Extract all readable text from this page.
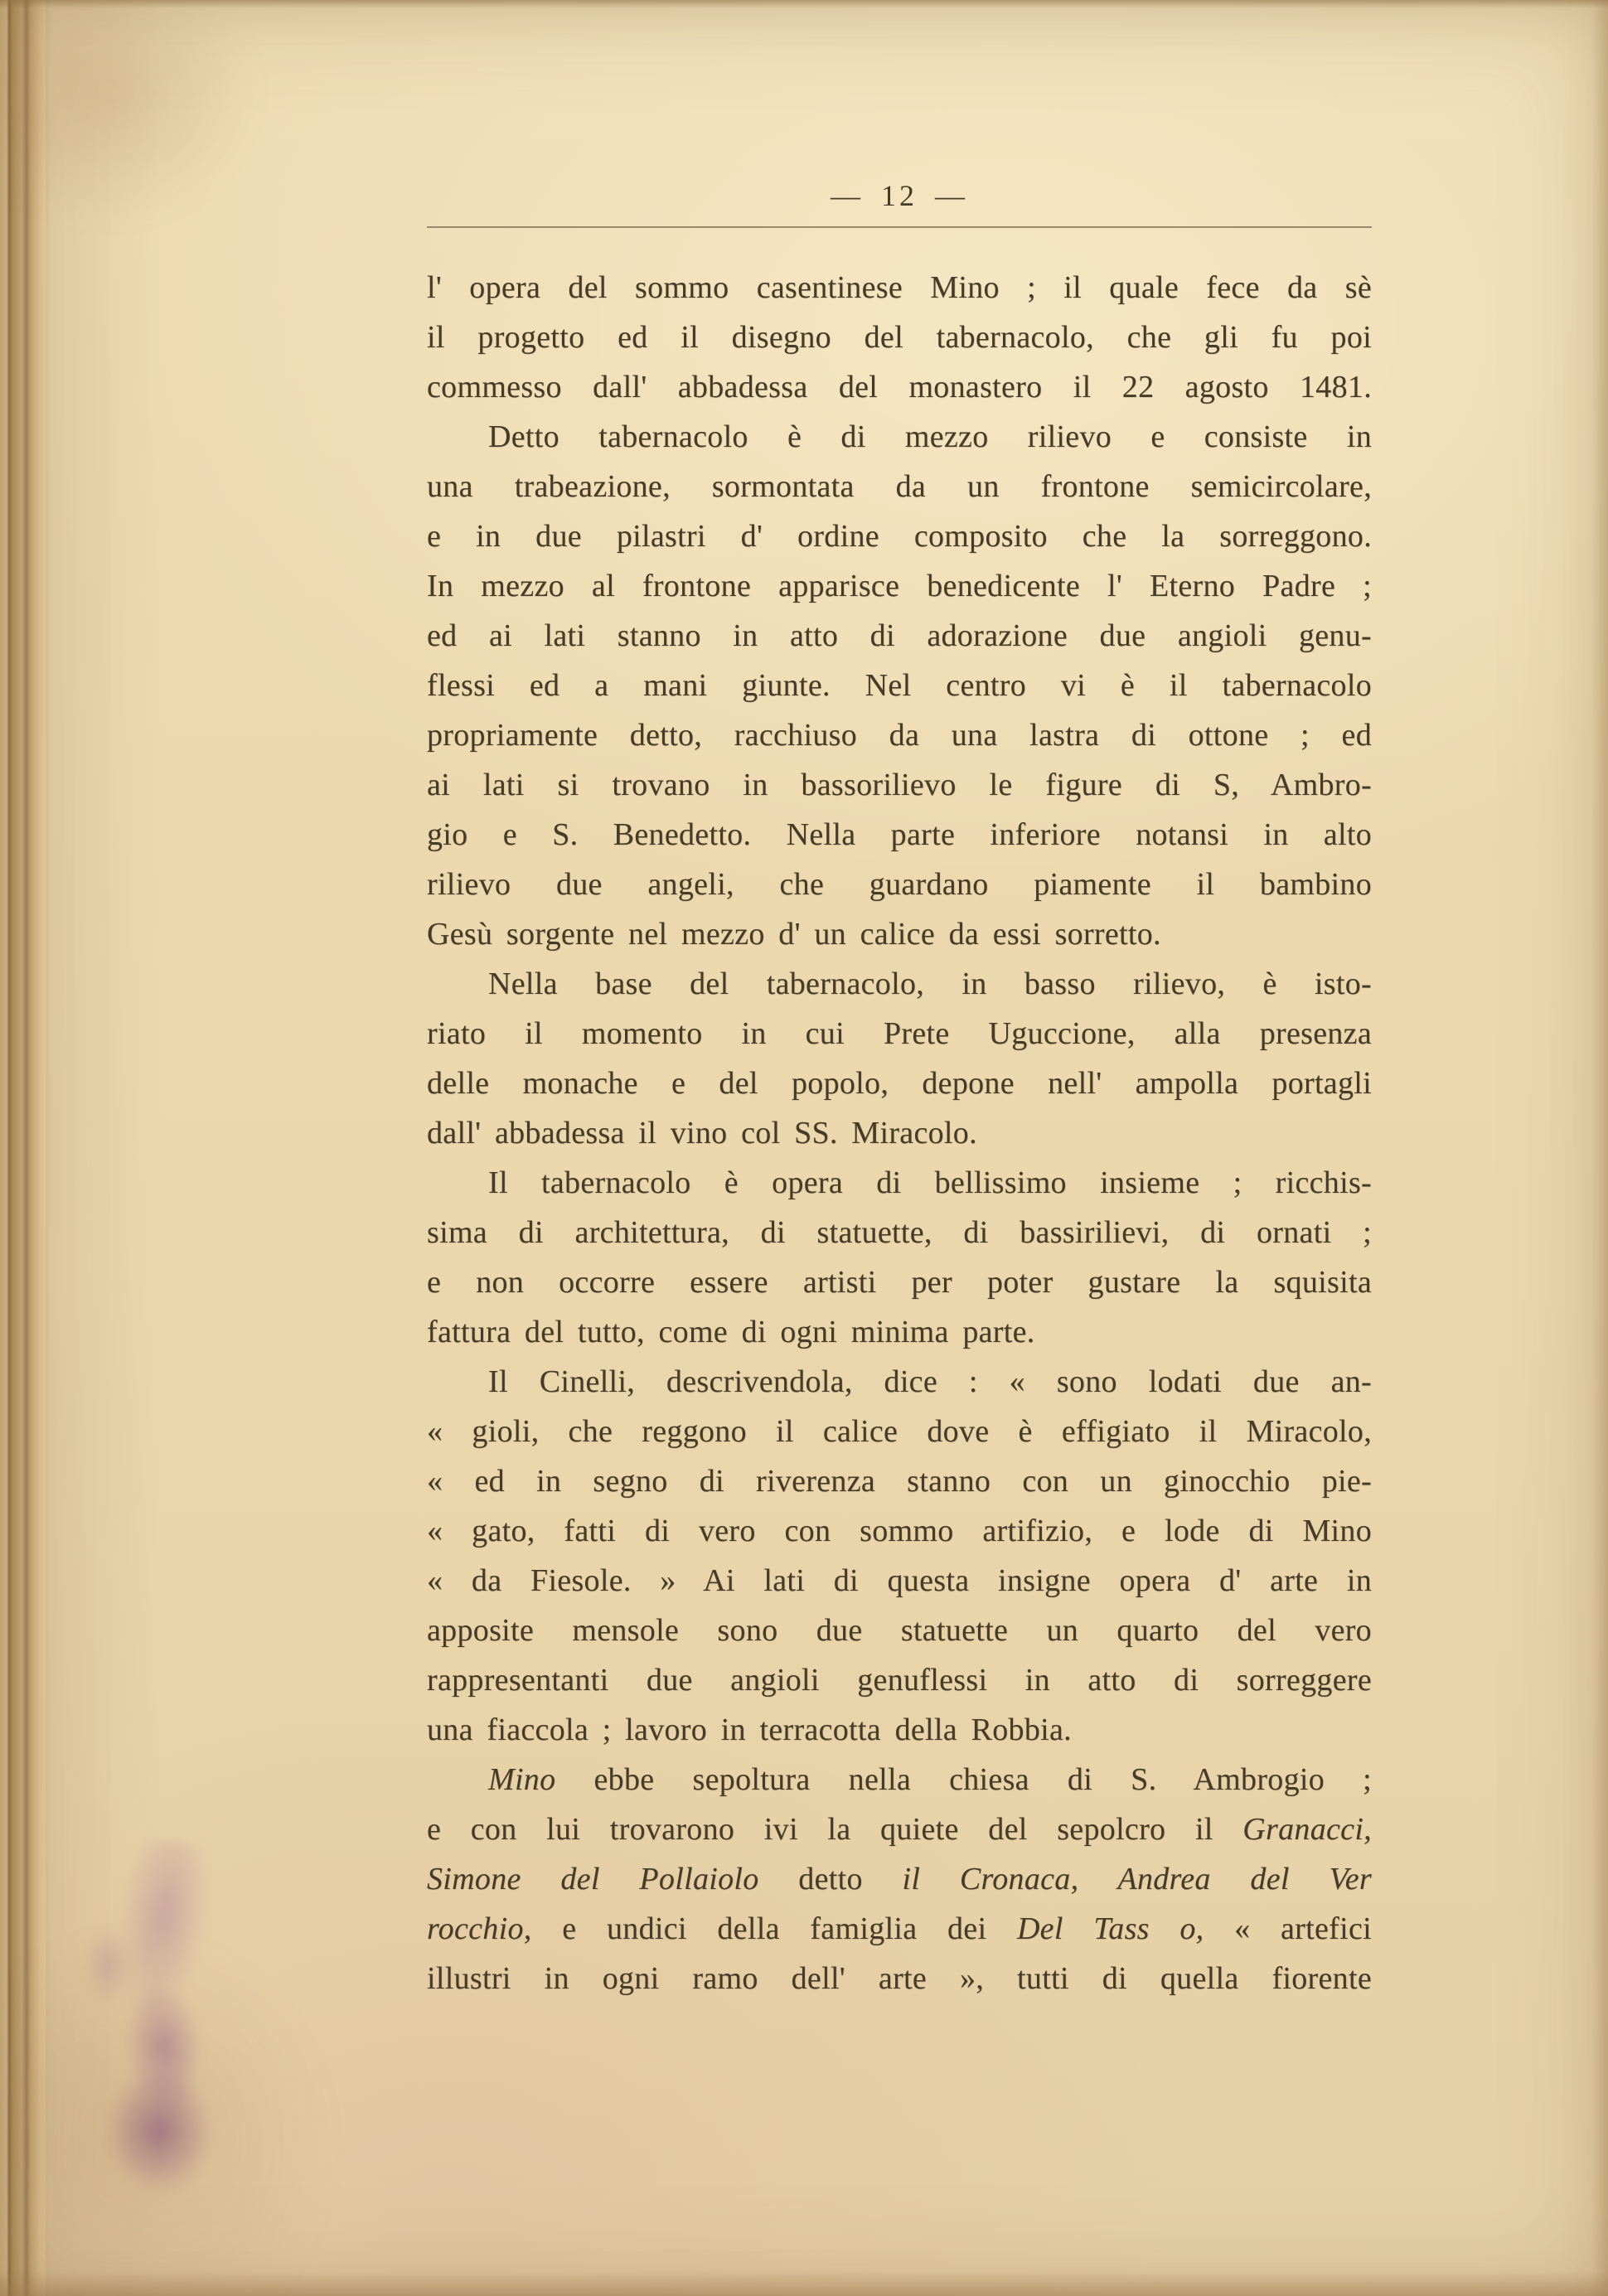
— 12 —
l' opera del sommo casentinese Mino ; il quale fece da sè
il progetto ed il disegno del tabernacolo, che gli fu poi
commesso dall' abbadessa del monastero il 22 agosto 1481.
Detto tabernacolo è di mezzo rilievo e consiste in
una trabeazione, sormontata da un frontone semicircolare,
e in due pilastri d' ordine composito che la sorreggono.
In mezzo al frontone apparisce benedicente l' Eterno Padre ;
ed ai lati stanno in atto di adorazione due angioli genu-
flessi ed a mani giunte. Nel centro vi è il tabernacolo
propriamente detto, racchiuso da una lastra di ottone ; ed
ai lati si trovano in bassorilievo le figure di S, Ambro-
gio e S. Benedetto. Nella parte inferiore notansi in alto
rilievo due angeli, che guardano piamente il bambino
Gesù sorgente nel mezzo d' un calice da essi sorretto.
Nella base del tabernacolo, in basso rilievo, è isto-
riato il momento in cui Prete Uguccione, alla presenza
delle monache e del popolo, depone nell' ampolla portagli
dall' abbadessa il vino col SS. Miracolo.
Il tabernacolo è opera di bellissimo insieme ; ricchis-
sima di architettura, di statuette, di bassirilievi, di ornati ;
e non occorre essere artisti per poter gustare la squisita
fattura del tutto, come di ogni minima parte.
Il Cinelli, descrivendola, dice : « sono lodati due an-
« gioli, che reggono il calice dove è effigiato il Miracolo,
« ed in segno di riverenza stanno con un ginocchio pie-
« gato, fatti di vero con sommo artifizio, e lode di Mino
« da Fiesole. » Ai lati di questa insigne opera d' arte in
apposite mensole sono due statuette un quarto del vero
rappresentanti due angioli genuflessi in atto di sorreggere
una fiaccola ; lavoro in terracotta della Robbia.
Mino ebbe sepoltura nella chiesa di S. Ambrogio ;
e con lui trovarono ivi la quiete del sepolcro il Granacci,
Simone del Pollaiolo detto il Cronaca, Andrea del Ver
rocchio, e undici della famiglia dei Del Tass o, « artefici
illustri in ogni ramo dell' arte », tutti di quella fiorente
